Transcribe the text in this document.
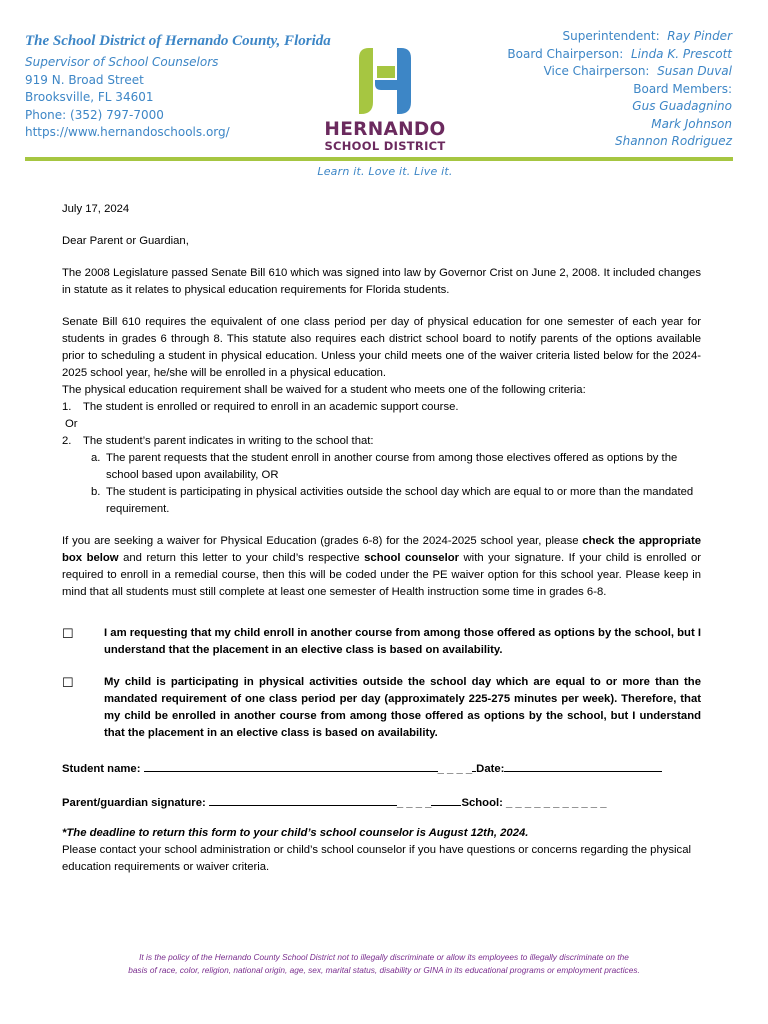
The School District of Hernando County, Florida
Supervisor of School Counselors
919 N. Broad Street
Brooksville, FL 34601
Phone: (352) 797-7000
https://www.hernandoschools.org/	HERNANDO
SCHOOL DISTRICT
Superintendent: Ray Pinder
Board Chairperson: Linda K. Prescott
Vice Chairperson: Susan Duval
Board Members:
Gus Guadagnino
Mark Johnson
Shannon Rodriguez
Learn it. Love it. Live it.

July 17, 2024

Dear Parent or Guardian,

The 2008 Legislature passed Senate Bill 610 which was signed into law by Governor Crist on June 2, 2008. It included changes in statute as it relates to physical education requirements for Florida students.

Senate Bill 610 requires the equivalent of one class period per day of physical education for one semester of each year for students in grades 6 through 8. This statute also requires each district school board to notify parents of the options available prior to scheduling a student in physical education. Unless your child meets one of the waiver criteria listed below for the 2024-2025 school year, he/she will be enrolled in a physical education.

The physical education requirement shall be waived for a student who meets one of the following criteria:

1.	The student is enrolled or required to enroll in an academic support course.

Or

2.	The student’s parent indicates in writing to the school that:
a. The parent requests that the student enroll in another course from among those electives offered as options by the school based upon availability, OR
b. The student is participating in physical activities outside the school day which are equal to or more than the mandated requirement.

If you are seeking a waiver for Physical Education (grades 6-8) for the 2024-2025 school year, please check the appropriate box below and return this letter to your child’s respective school counselor with your signature. If your child is enrolled or required to enroll in a remedial course, then this will be coded under the PE waiver option for this school year. Please keep in mind that all students must still complete at least one semester of Health instruction some time in grades 6-8.

☐	I am requesting that my child enroll in another course from among those offered as options by the school, but I understand that the placement in an elective class is based on availability.
☐	My child is participating in physical activities outside the school day which are equal to or more than the mandated requirement of one class period per day (approximately 225-275 minutes per week). Therefore, that my child be enrolled in another course from among those offered as options by the school, but I understand that the placement in an elective class is based on availability.
Student name:	_ _ _ _ Date:
Parent/guardian signature:	_ _ _ _	School: _ _ _ _ _ _ _ _ _ _ _

*The deadline to return this form to your child’s school counselor is August 12th, 2024.

Please contact your school administration or child’s school counselor if you have questions or concerns regarding the physical education requirements or waiver criteria.

It is the policy of the Hernando County School District not to illegally discriminate or allow its employees to illegally discriminate on the
basis of race, color, religion, national origin, age, sex, marital status, disability or GINA in its educational programs or employment practices.
